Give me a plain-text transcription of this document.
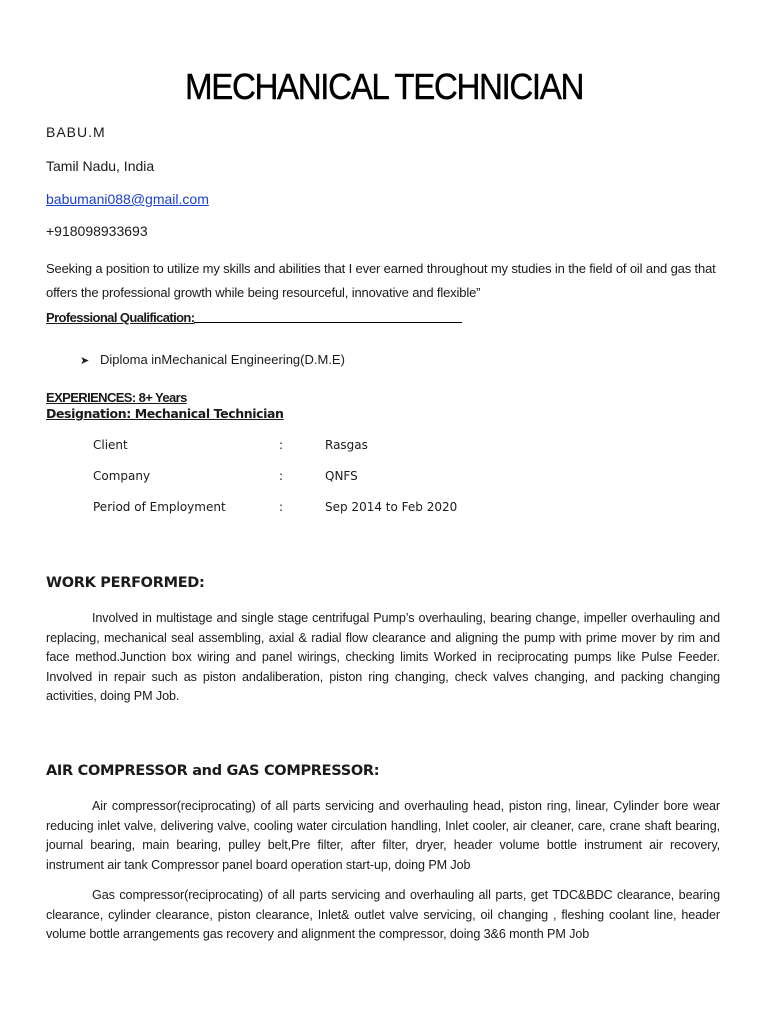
MECHANICAL TECHNICIAN
BABU.M
Tamil Nadu, India
babumani088@gmail.com
+918098933693
Seeking a position to utilize my skills and abilities that I ever earned throughout my studies in the field of oil and gas that offers the professional growth while being resourceful, innovative and flexible”
Professional Qualification:
➤ Diploma inMechanical Engineering(D.M.E)
EXPERIENCES: 8+ Years
Designation: Mechanical Technician
Client	:	Rasgas
Company	:	QNFS
Period of Employment	:	Sep 2014 to Feb 2020
WORK PERFORMED:
Involved in multistage and single stage centrifugal Pump’s overhauling, bearing change, impeller overhauling and replacing, mechanical seal assembling, axial & radial flow clearance and aligning the pump with prime mover by rim and face method.Junction box wiring and panel wirings, checking limits Worked in reciprocating pumps like Pulse Feeder. Involved in repair such as piston andaliberation, piston ring changing, check valves changing, and packing changing activities, doing PM Job.
AIR COMPRESSOR and GAS COMPRESSOR:
Air compressor(reciprocating) of all parts servicing and overhauling head, piston ring, linear, Cylinder bore wear reducing inlet valve, delivering valve, cooling water circulation handling, Inlet cooler, air cleaner, care, crane shaft bearing, journal bearing, main bearing, pulley belt,Pre filter, after filter, dryer, header volume bottle instrument air recovery, instrument air tank Compressor panel board operation start-up, doing PM Job
Gas compressor(reciprocating) of all parts servicing and overhauling all parts, get TDC&BDC clearance, bearing clearance, cylinder clearance, piston clearance, Inlet& outlet valve servicing, oil changing , fleshing coolant line, header volume bottle arrangements gas recovery and alignment the compressor, doing 3&6 month PM Job
